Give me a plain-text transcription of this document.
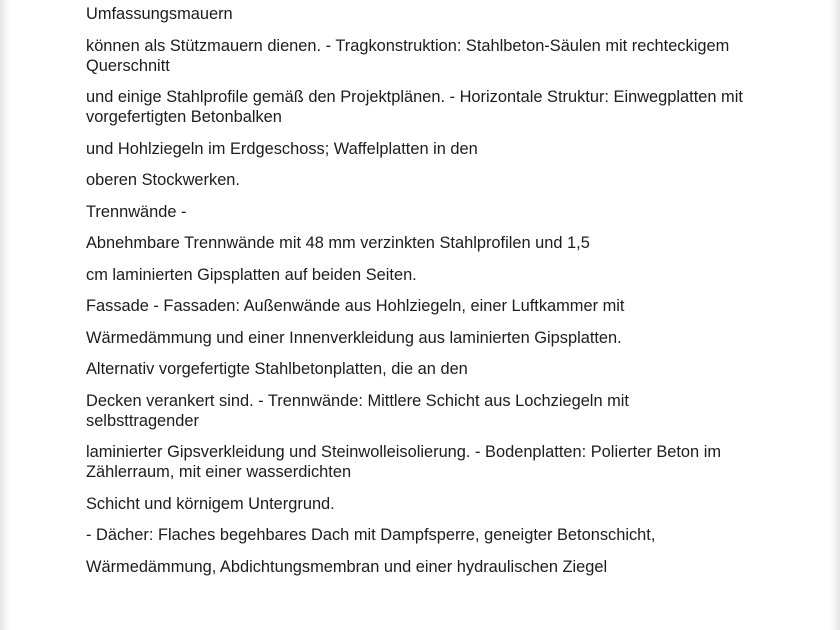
Umfassungsmauern

können als Stützmauern dienen. - Tragkonstruktion: Stahlbeton-Säulen mit rechteckigem Querschnitt

und einige Stahlprofile gemäß den Projektplänen. - Horizontale Struktur: Einwegplatten mit vorgefertigten Betonbalken

und Hohlziegeln im Erdgeschoss; Waffelplatten in den

oberen Stockwerken.

Trennwände -

Abnehmbare Trennwände mit 48 mm verzinkten Stahlprofilen und 1,5

cm laminierten Gipsplatten auf beiden Seiten.

Fassade - Fassaden: Außenwände aus Hohlziegeln, einer Luftkammer mit

Wärmedämmung und einer Innenverkleidung aus laminierten Gipsplatten.

Alternativ vorgefertigte Stahlbetonplatten, die an den

Decken verankert sind. - Trennwände: Mittlere Schicht aus Lochziegeln mit selbsttragender

laminierter Gipsverkleidung und Steinwolleisolierung. - Bodenplatten: Polierter Beton im Zählerraum, mit einer wasserdichten

Schicht und körnigem Untergrund.

- Dächer: Flaches begehbares Dach mit Dampfsperre, geneigter Betonschicht,

Wärmedämmung, Abdichtungsmembran und einer hydraulischen Ziegel
